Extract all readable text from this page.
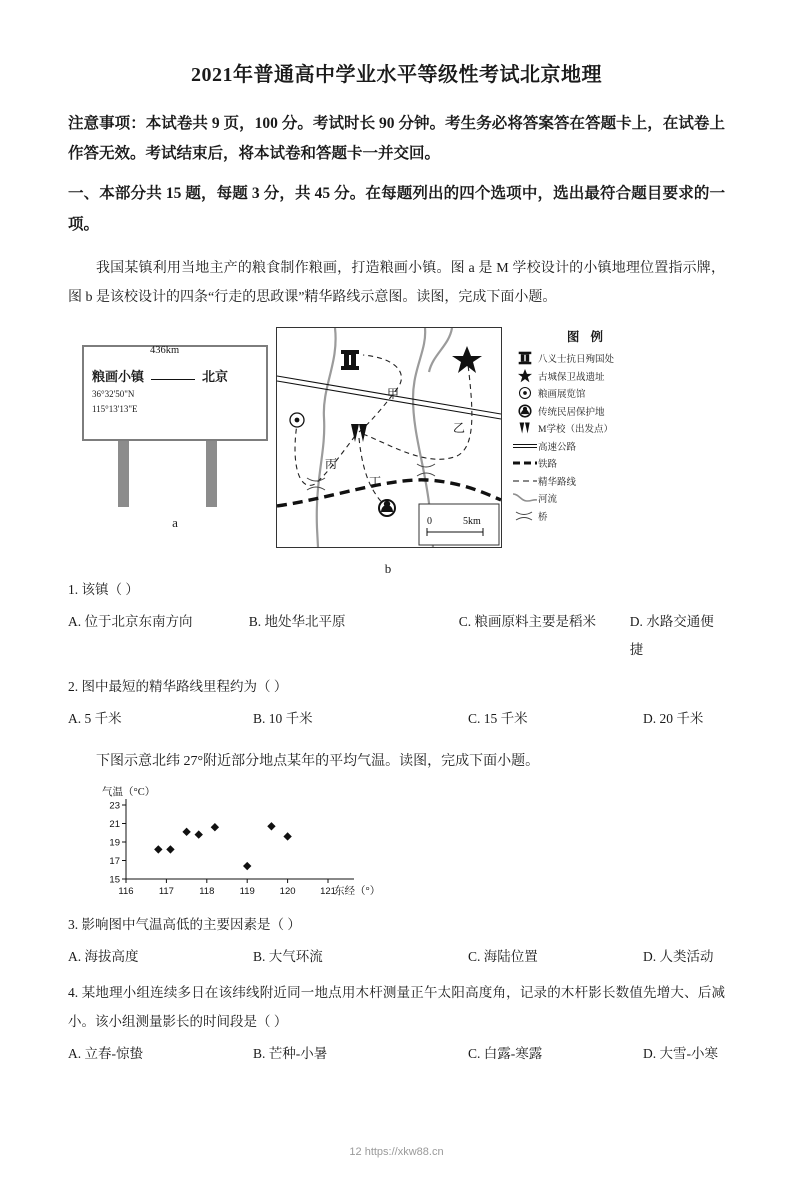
2021年普通高中学业水平等级性考试北京地理
注意事项：本试卷共 9 页，100 分。考试时长 90 分钟。考生务必将答案答在答题卡上，在试卷上作答无效。考试结束后，将本试卷和答题卡一并交回。
一、本部分共 15 题，每题 3 分，共 45 分。在每题列出的四个选项中，选出最符合题目要求的一项。
我国某镇利用当地主产的粮食制作粮画，打造粮画小镇。图 a 是 M 学校设计的小镇地理位置指示牌，图 b 是该校设计的四条“行走的思政课”精华路线示意图。读图，完成下面小题。
粮画小镇	北京
436km
36°32'50"N
115°13'13"E
a
甲
乙
丙
丁
0	5km
b
图 例
八义士抗日殉国处
古城保卫战遗址
粮画展览馆
传统民居保护地
M学校（出发点）
高速公路
铁路
精华路线
河流
桥
1. 该镇（ ）
A. 位于北京东南方向	B. 地处华北平原	C. 粮画原料主要是稻米	D. 水路交通便捷
2. 图中最短的精华路线里程约为（ ）
A. 5 千米	B. 10 千米	C. 15 千米	D. 20 千米
下图示意北纬 27°附近部分地点某年的平均气温。读图，完成下面小题。
15
17
19
21
23
116	117	118	119	120	121
气温（°C）
东经（°）
3. 影响图中气温高低的主要因素是（ ）
A. 海拔高度	B. 大气环流	C. 海陆位置	D. 人类活动
4. 某地理小组连续多日在该纬线附近同一地点用木杆测量正午太阳高度角，记录的木杆影长数值先增大、后减小。该小组测量影长的时间段是（ ）
A. 立春-惊蛰	B. 芒种-小暑	C. 白露-寒露	D. 大雪-小寒
12 https://xkw88.cn
